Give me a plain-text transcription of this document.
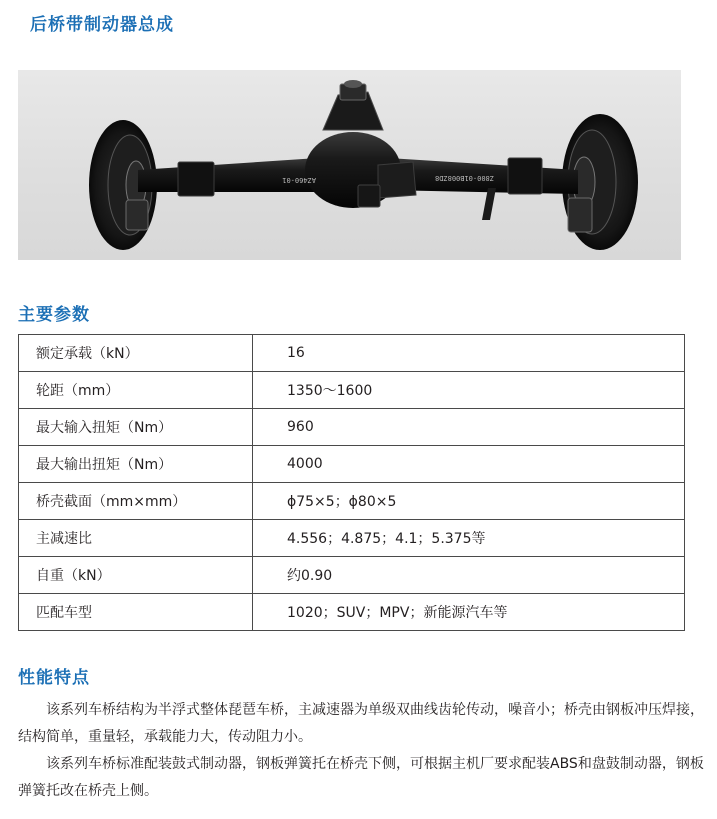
后桥带制动器总成
AZ460-01	Z800-01B008ZD8
主要参数
额定承载（kN）	16
轮距（mm）	1350～1600
最大输入扭矩（Nm）	960
最大输出扭矩（Nm）	4000
桥壳截面（mm×mm）	ϕ75×5；ϕ80×5
主减速比	4.556；4.875；4.1；5.375等
自重（kN）	约0.90
匹配车型	1020；SUV；MPV；新能源汽车等
性能特点

该系列车桥结构为半浮式整体琵琶车桥，主减速器为单级双曲线齿轮传动，噪音小；桥壳由钢板冲压焊接，结构简单，重量轻，承载能力大，传动阻力小。

该系列车桥标准配装鼓式制动器，钢板弹簧托在桥壳下侧，可根据主机厂要求配装ABS和盘鼓制动器，钢板弹簧托改在桥壳上侧。
